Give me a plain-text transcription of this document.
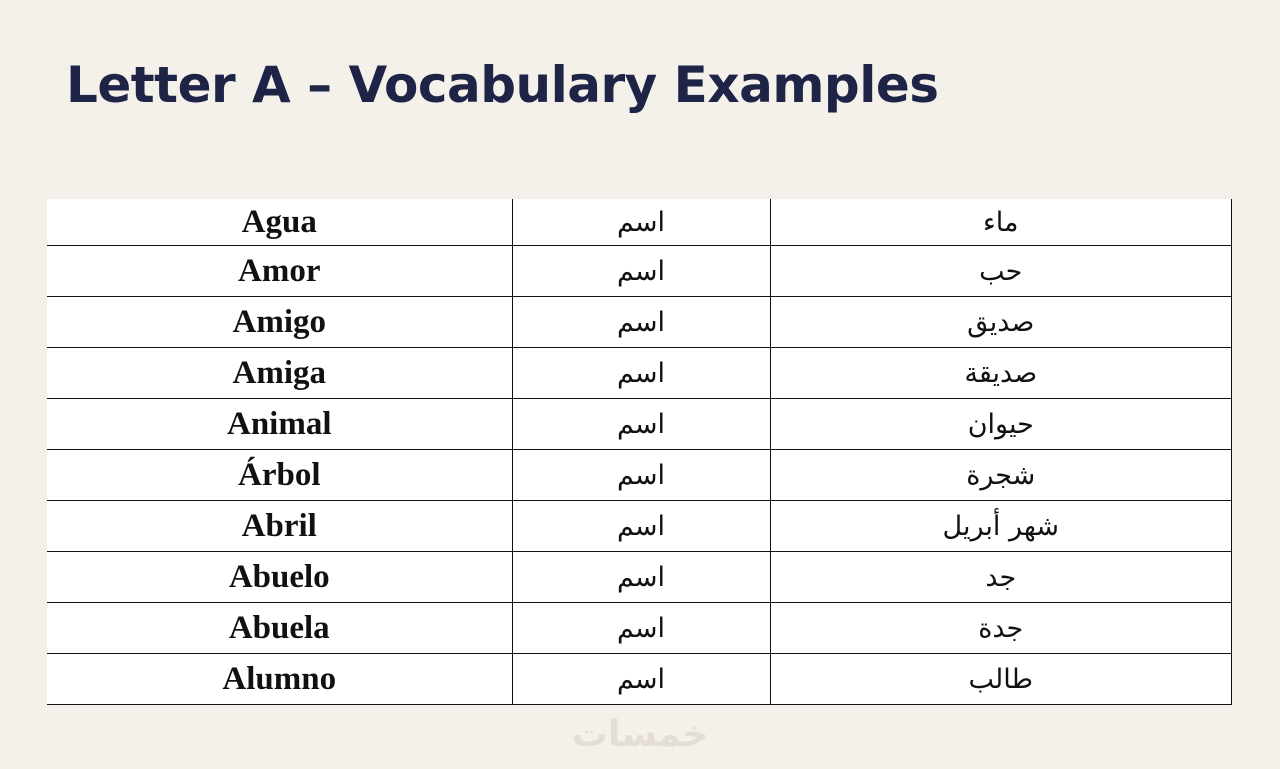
Letter A – Vocabulary Examples
Agua	اسم	ماء
Amor	اسم	حب
Amigo	اسم	صديق
Amiga	اسم	صديقة
Animal	اسم	حيوان
Árbol	اسم	شجرة
Abril	اسم	شهر أبريل
Abuelo	اسم	جد
Abuela	اسم	جدة
Alumno	اسم	طالب
خمسات
